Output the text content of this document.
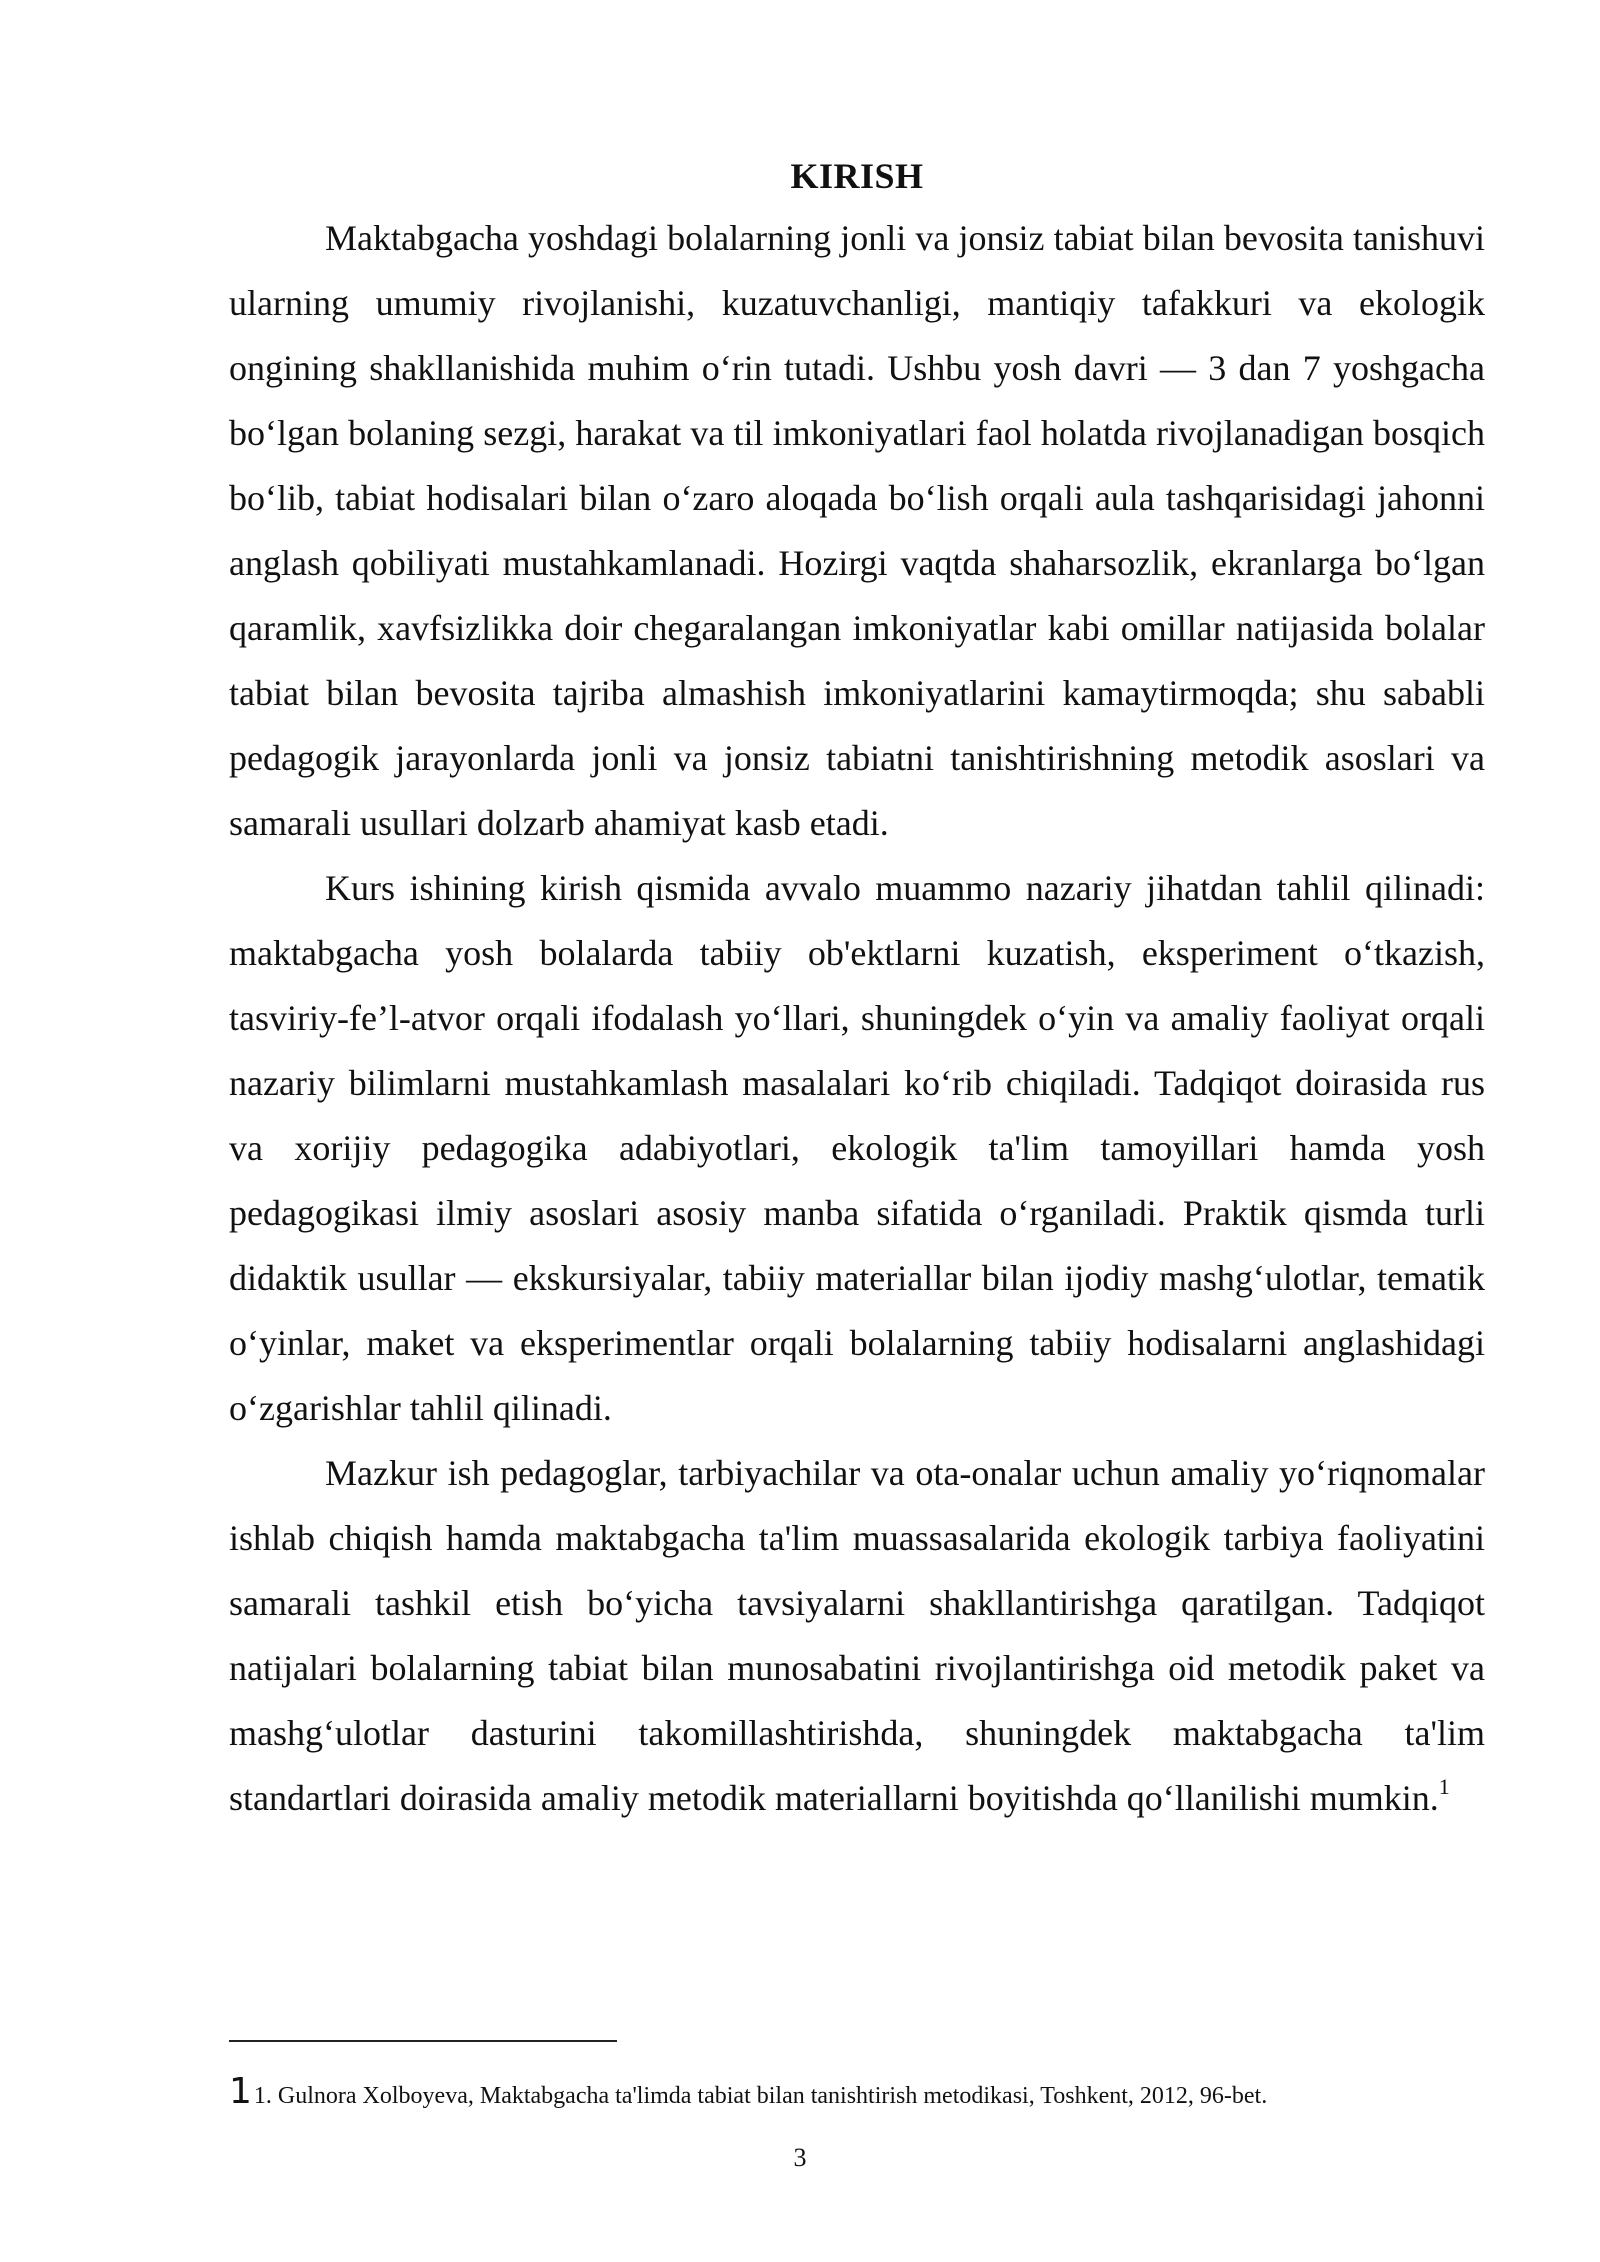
KIRISH

Maktabgacha yoshdagi bolalarning jonli va jonsiz tabiat bilan bevosita tanishuvi ularning umumiy rivojlanishi, kuzatuvchanligi, mantiqiy tafakkuri va ekologik ongining shakllanishida muhim o‘rin tutadi. Ushbu yosh davri — 3 dan 7 yoshgacha bo‘lgan bolaning sezgi, harakat va til imkoniyatlari faol holatda rivojlanadigan bosqich bo‘lib, tabiat hodisalari bilan o‘zaro aloqada bo‘lish orqali aula tashqarisidagi jahonni anglash qobiliyati mustahkamlanadi. Hozirgi vaqtda shaharsozlik, ekranlarga bo‘lgan qaramlik, xavfsizlikka doir chegaralangan imkoniyatlar kabi omillar natijasida bolalar tabiat bilan bevosita tajriba almashish imkoniyatlarini kamaytirmoqda; shu sababli pedagogik jarayonlarda jonli va jonsiz tabiatni tanishtirishning metodik asoslari va samarali usullari dolzarb ahamiyat kasb etadi.

Kurs ishining kirish qismida avvalo muammo nazariy jihatdan tahlil qilinadi: maktabgacha yosh bolalarda tabiiy ob'ektlarni kuzatish, eksperiment o‘tkazish, tasviriy-fe’l-atvor orqali ifodalash yo‘llari, shuningdek o‘yin va amaliy faoliyat orqali nazariy bilimlarni mustahkamlash masalalari ko‘rib chiqiladi. Tadqiqot doirasida rus va xorijiy pedagogika adabiyotlari, ekologik ta'lim tamoyillari hamda yosh pedagogikasi ilmiy asoslari asosiy manba sifatida o‘rganiladi. Praktik qismda turli didaktik usullar — ekskursiyalar, tabiiy materiallar bilan ijodiy mashg‘ulotlar, tematik o‘yinlar, maket va eksperimentlar orqali bolalarning tabiiy hodisalarni anglashidagi o‘zgarishlar tahlil qilinadi.

Mazkur ish pedagoglar, tarbiyachilar va ota-onalar uchun amaliy yo‘riqnomalar ishlab chiqish hamda maktabgacha ta'lim muassasalarida ekologik tarbiya faoliyatini samarali tashkil etish bo‘yicha tavsiyalarni shakllantirishga qaratilgan. Tadqiqot natijalari bolalarning tabiat bilan munosabatini rivojlantirishga oid metodik paket va mashg‘ulotlar dasturini takomillashtirishda, shuningdek maktabgacha ta'lim standartlari doirasida amaliy metodik materiallarni boyitishda qo‘llanilishi mumkin.$^1$

11. Gulnora Xolboyeva, Maktabgacha ta'limda tabiat bilan tanishtirish metodikasi, Toshkent, 2012, 96-bet.
3
